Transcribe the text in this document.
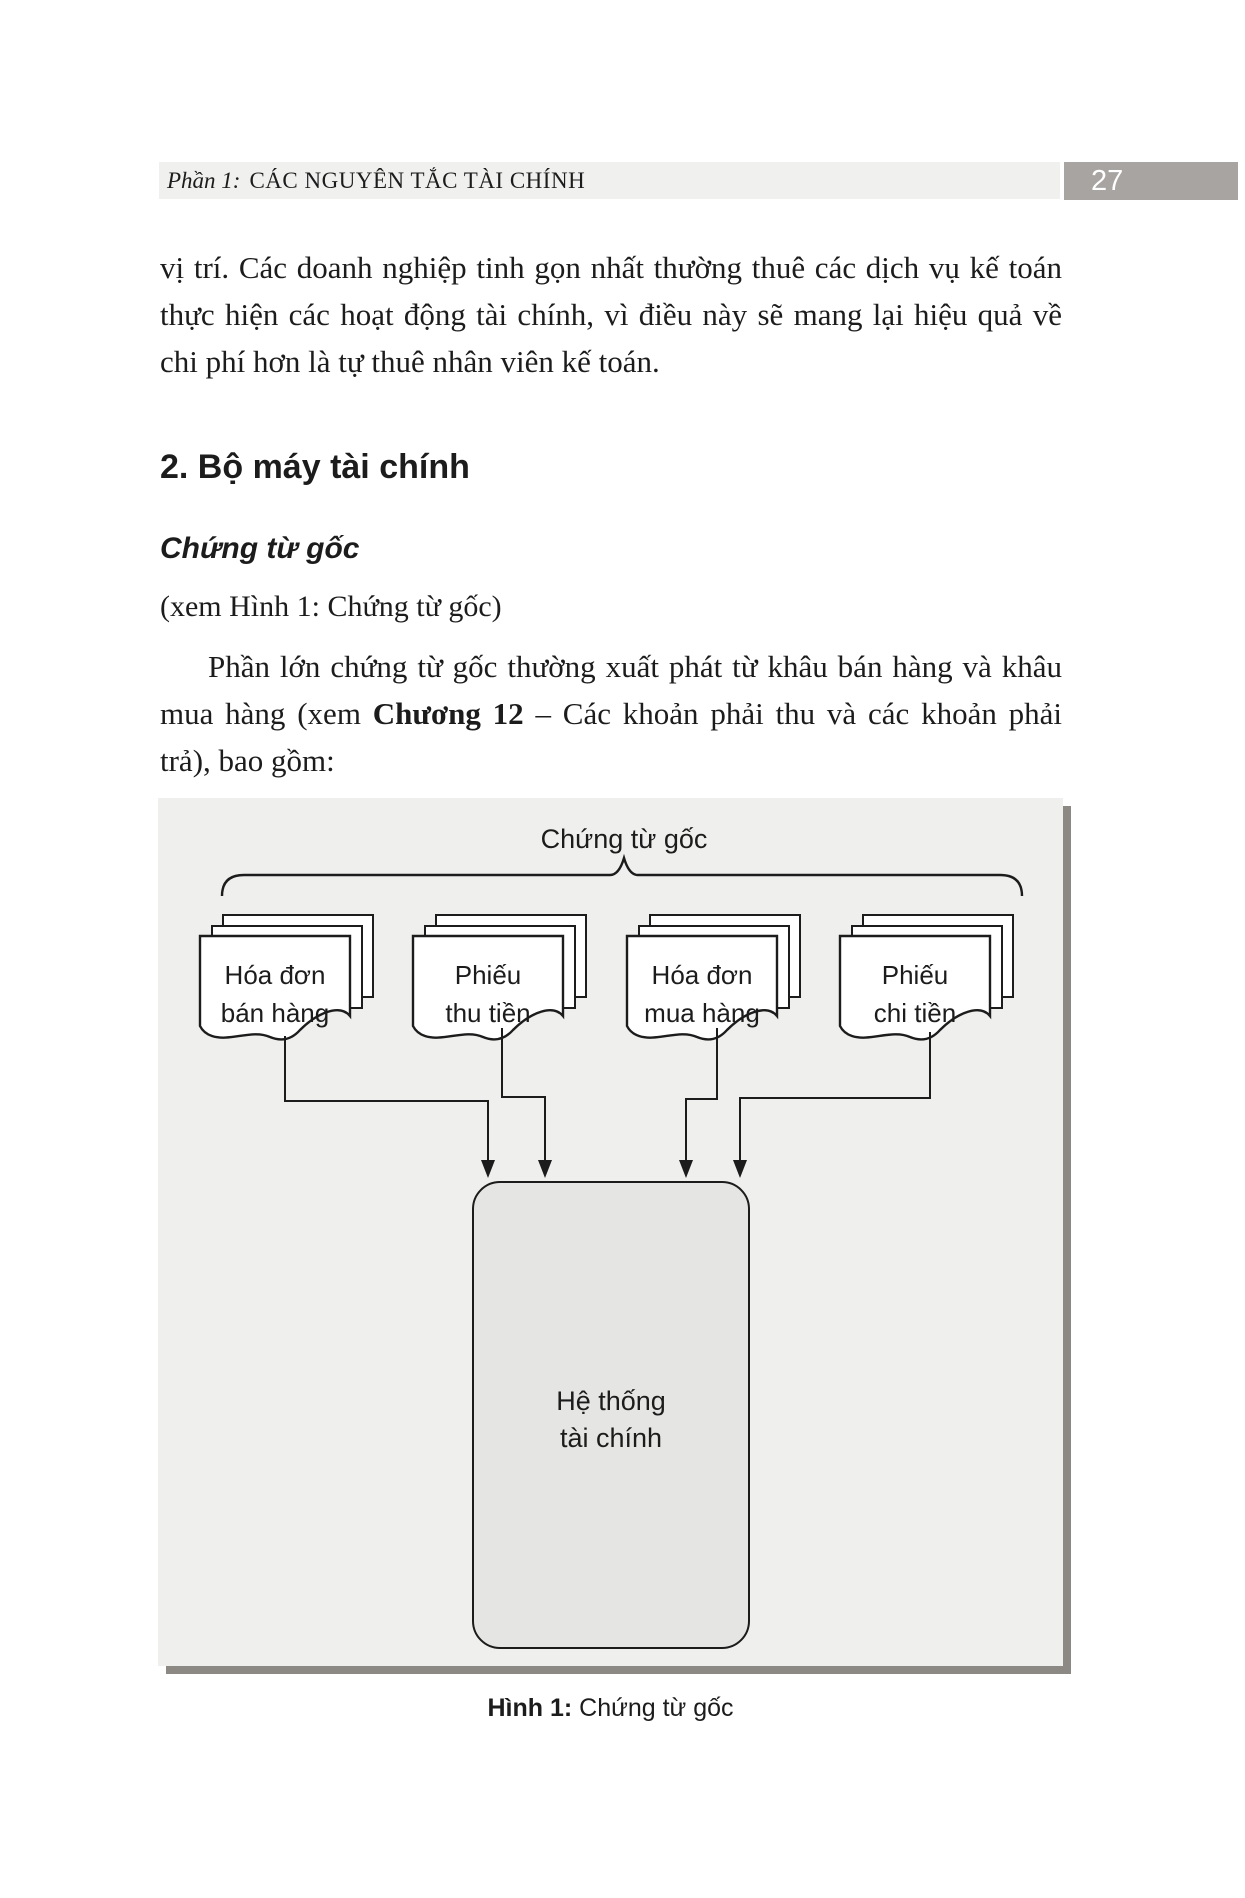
Phần 1: CÁC NGUYÊN TẮC TÀI CHÍNH	27

vị trí. Các doanh nghiệp tinh gọn nhất thường thuê các dịch vụ kế toán thực hiện các hoạt động tài chính, vì điều này sẽ mang lại hiệu quả về chi phí hơn là tự thuê nhân viên kế toán.

2. Bộ máy tài chính
Chứng từ gốc

(xem Hình 1: Chứng từ gốc)

Phần lớn chứng từ gốc thường xuất phát từ khâu bán hàng và khâu mua hàng (xem Chương 12 – Các khoản phải thu và các khoản phải trả), bao gồm:

Chứng từ gốc
Hóa đơn
bán hàng
Phiếu
thu tiền
Hóa đơn
mua hàng
Phiếu
chi tiền
Hệ thống
tài chính
Hình 1: Chứng từ gốc
